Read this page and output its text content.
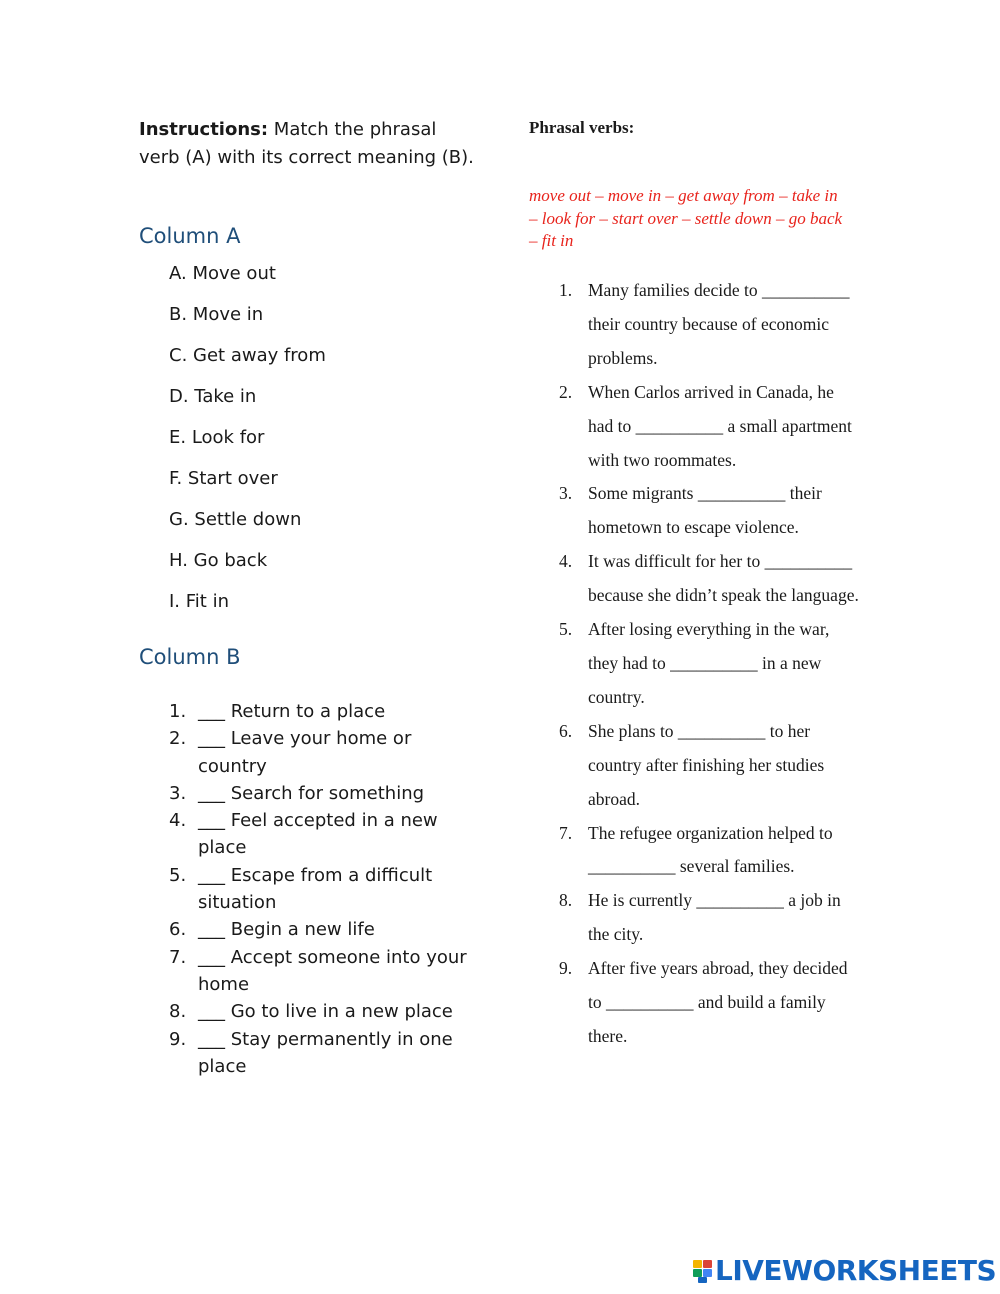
Instructions: Match the phrasal verb (A) with its correct meaning (B).

Column A
A. Move out
B. Move in
C. Get away from
D. Take in
E. Look for
F. Start over
G. Settle down
H. Go back
I. Fit in
Column B
1. ___ Return to a place
2. ___ Leave your home or country
3. ___ Search for something
4. ___ Feel accepted in a new place
5. ___ Escape from a difficult situation
6. ___ Begin a new life
7. ___ Accept someone into your home
8. ___ Go to live in a new place
9. ___ Stay permanently in one place

Phrasal verbs:

move out – move in – get away from – take in – look for – start over – settle down – go back – fit in

1. Many families decide to __________ their country because of economic problems.
2. When Carlos arrived in Canada, he had to __________ a small apartment with two roommates.
3. Some migrants __________ their hometown to escape violence.
4. It was difficult for her to __________ because she didn’t speak the language.
5. After losing everything in the war, they had to __________ in a new country.
6. She plans to __________ to her country after finishing her studies abroad.
7. The refugee organization helped to __________ several families.
8. He is currently __________ a job in the city.
9. After five years abroad, they decided to __________ and build a family there.
LIVEWORKSHEETS
